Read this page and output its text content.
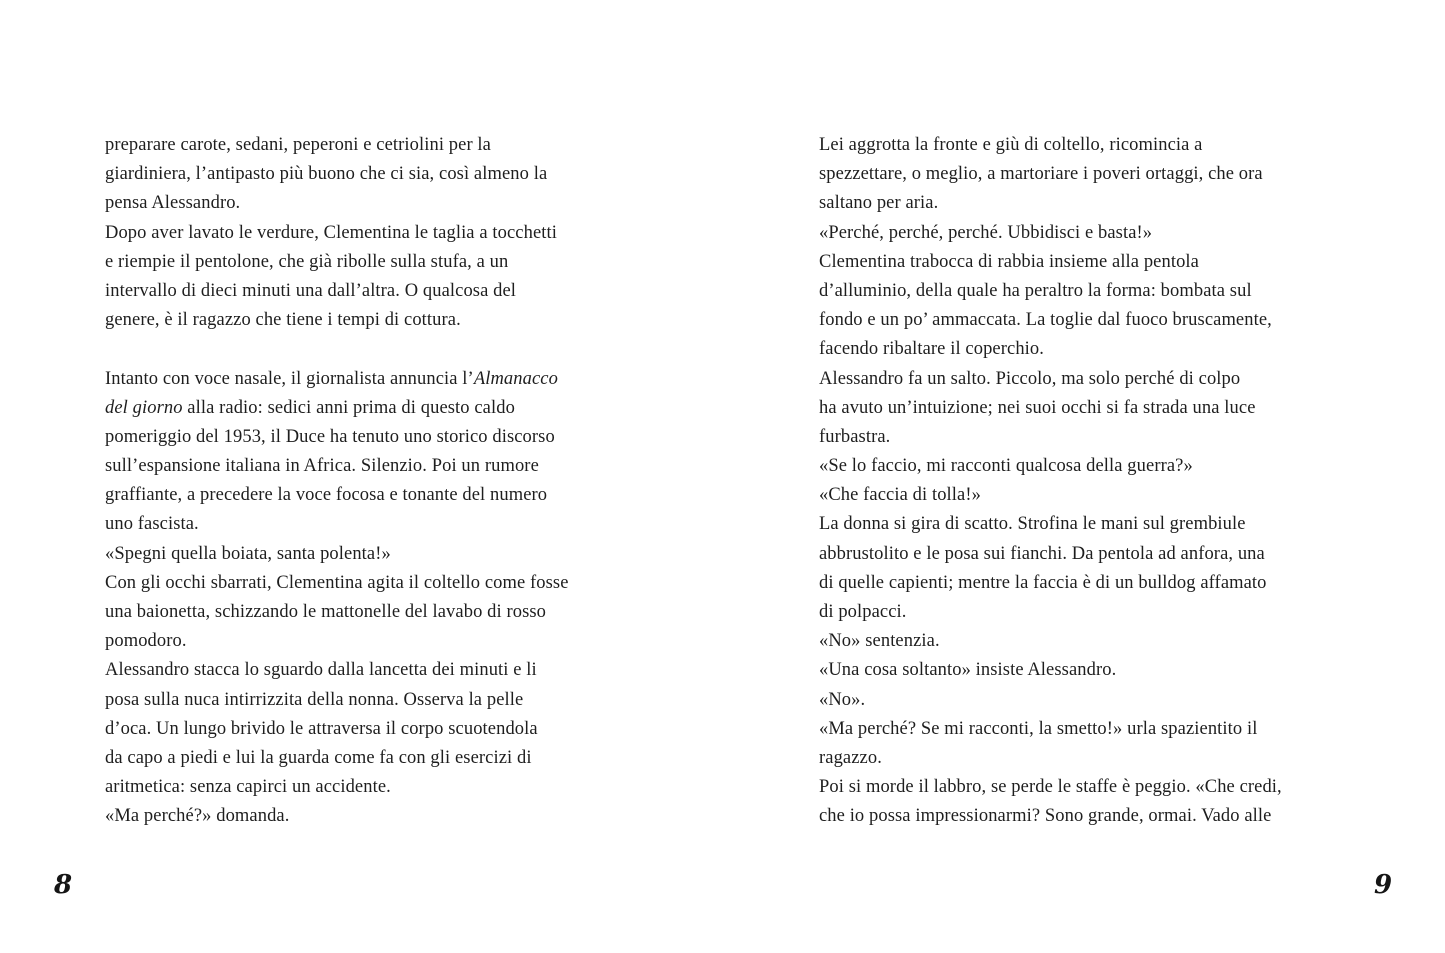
preparare carote, sedani, peperoni e cetriolini per la
giardiniera, l’antipasto più buono che ci sia, così almeno la
pensa Alessandro.
Dopo aver lavato le verdure, Clementina le taglia a tocchetti
e riempie il pentolone, che già ribolle sulla stufa, a un
intervallo di dieci minuti una dall’altra. O qualcosa del
genere, è il ragazzo che tiene i tempi di cottura.

Intanto con voce nasale, il giornalista annuncia l’Almanacco
del giorno alla radio: sedici anni prima di questo caldo
pomeriggio del 1953, il Duce ha tenuto uno storico discorso
sull’espansione italiana in Africa. Silenzio. Poi un rumore
graffiante, a precedere la voce focosa e tonante del numero
uno fascista.
«Spegni quella boiata, santa polenta!»
Con gli occhi sbarrati, Clementina agita il coltello come fosse
una baionetta, schizzando le mattonelle del lavabo di rosso
pomodoro.
Alessandro stacca lo sguardo dalla lancetta dei minuti e li
posa sulla nuca intirrizzita della nonna. Osserva la pelle
d’oca. Un lungo brivido le attraversa il corpo scuotendola
da capo a piedi e lui la guarda come fa con gli esercizi di
aritmetica: senza capirci un accidente.
«Ma perché?» domanda.
8
Lei aggrotta la fronte e giù di coltello, ricomincia a
spezzettare, o meglio, a martoriare i poveri ortaggi, che ora
saltano per aria.
«Perché, perché, perché. Ubbidisci e basta!»
Clementina trabocca di rabbia insieme alla pentola
d’alluminio, della quale ha peraltro la forma: bombata sul
fondo e un po’ ammaccata. La toglie dal fuoco bruscamente,
facendo ribaltare il coperchio.
Alessandro fa un salto. Piccolo, ma solo perché di colpo
ha avuto un’intuizione; nei suoi occhi si fa strada una luce
furbastra.
«Se lo faccio, mi racconti qualcosa della guerra?»
«Che faccia di tolla!»
La donna si gira di scatto. Strofina le mani sul grembiule
abbrustolito e le posa sui fianchi. Da pentola ad anfora, una
di quelle capienti; mentre la faccia è di un bulldog affamato
di polpacci.
«No» sentenzia.
«Una cosa soltanto» insiste Alessandro.
«No».
«Ma perché? Se mi racconti, la smetto!» urla spazientito il
ragazzo.
Poi si morde il labbro, se perde le staffe è peggio. «Che credi,
che io possa impressionarmi? Sono grande, ormai. Vado alle
9
